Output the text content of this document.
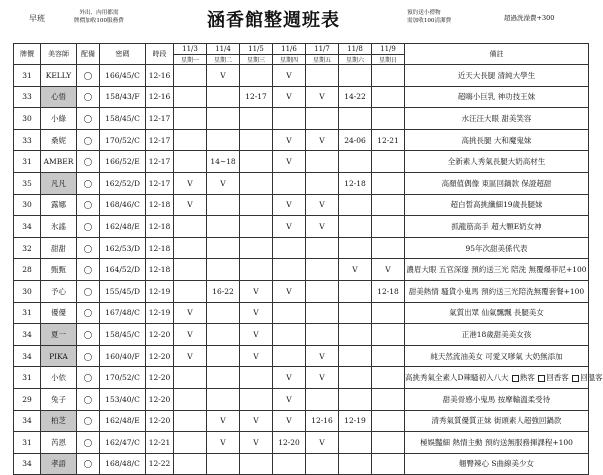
早班
外出、內用都需
牌價加收100服務費	涵香館整週班表	預約送小禮物
需加收100清潔費	超過洗澡費+300
牌價	美容師	配備	密碼	時段	11/3	11/4	11/5	11/6	11/7	11/8	11/9	備註
					星期一	星期二	星期三	星期四	星期五	星期六	星期日	
31	KELLY	◯	166/45/C	12-16		V		V				近天大長腿 清純大學生
33	心悟	◯	158/43/F	12-16			12-17	V	V	14-22		超嗨小巨乳 神功技王妹
30	小綠	◯	158/45/C	12-17								水汪汪大眼 甜美笑容
33	桑妮	◯	170/52/C	12-17				V	V	24-06	12-21	高挑長腿 大和魔鬼妹
31	AMBER	◯	166/52/E	12-17		14~18		V				全新素人秀氣長腿大奶高材生
35	凡凡	◯	162/52/D	12-17	V	V				12-18		高顏值偶像 東區回鍋款 保證超甜
30	露娜	◯	168/46/C	12-18	V			V	V			超白皙高挑纖細19歲長腿妹
34	氷謠	◯	162/48/E	12-18				V	V			抓龍筋高手 超大顆E奶女神
32	甜甜	◯	162/53/D	12-18								95年次甜美係代表
28	甄甄	◯	164/52/D	12-18						V	V	濃眉大眼 五官深邃 預約送三光 陪洗 無覆爆菲尼+100
30	予心	◯	155/45/D	12-19		16-22	V	V			12-18	甜美熱情 騷貨小鬼馬 預約送三光陪洗無覆套餐+100
31	優優	◯	167/48/C	12-19	V		V					氣質出眾 仙氣飄飄 長腿美女
34	夏一	◯	158/45/C	12-20	V		V					正港18歲甜美美女孩
34	PIKA	◯	160/40/F	12-20	V		V		V			純天然流油美女 可愛又嗲氣 大奶無添加
31	小依	◯	170/52/C	12-20				V	V			高挑秀氣全素人D辣騷初入八大 熟客 回香客 回溫客
29	兔子	◯	153/40/C	12-20				V				甜美骨感小鬼馬 按摩輸溫柔受待
34	柏芝	◯	162/48/E	12-20		V	V	V	12-16	12-19		清秀氣質優質正妹 街頭素人超強回鍋款
31	芮恩	◯	162/47/C	12-21		V	V	12-20	V			極娛豔細 熱情主動 預約送無服務揮課程+100
34	孝語	◯	168/48/C	12-22								翹臀辣心 S曲線美少女
